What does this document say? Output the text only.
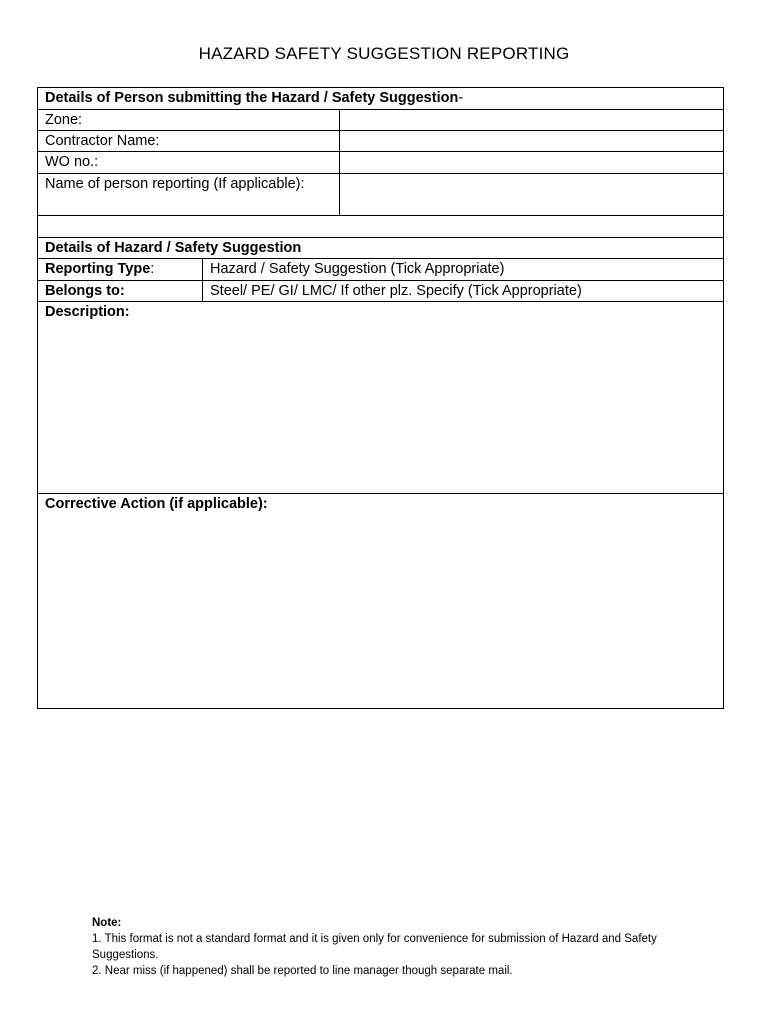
HAZARD SAFETY SUGGESTION REPORTING
Details of Person submitting the Hazard / Safety Suggestion-
Zone:
Contractor Name:
WO no.:
Name of person reporting (If applicable):
Details of Hazard / Safety Suggestion
Reporting Type:	Hazard / Safety Suggestion (Tick Appropriate)
Belongs to:	Steel/ PE/ GI/ LMC/ If other plz. Specify (Tick Appropriate)
Description:
Corrective Action (if applicable):
Note:
1. This format is not a standard format and it is given only for convenience for submission of Hazard and Safety Suggestions.
2. Near miss (if happened) shall be reported to line manager though separate mail.
